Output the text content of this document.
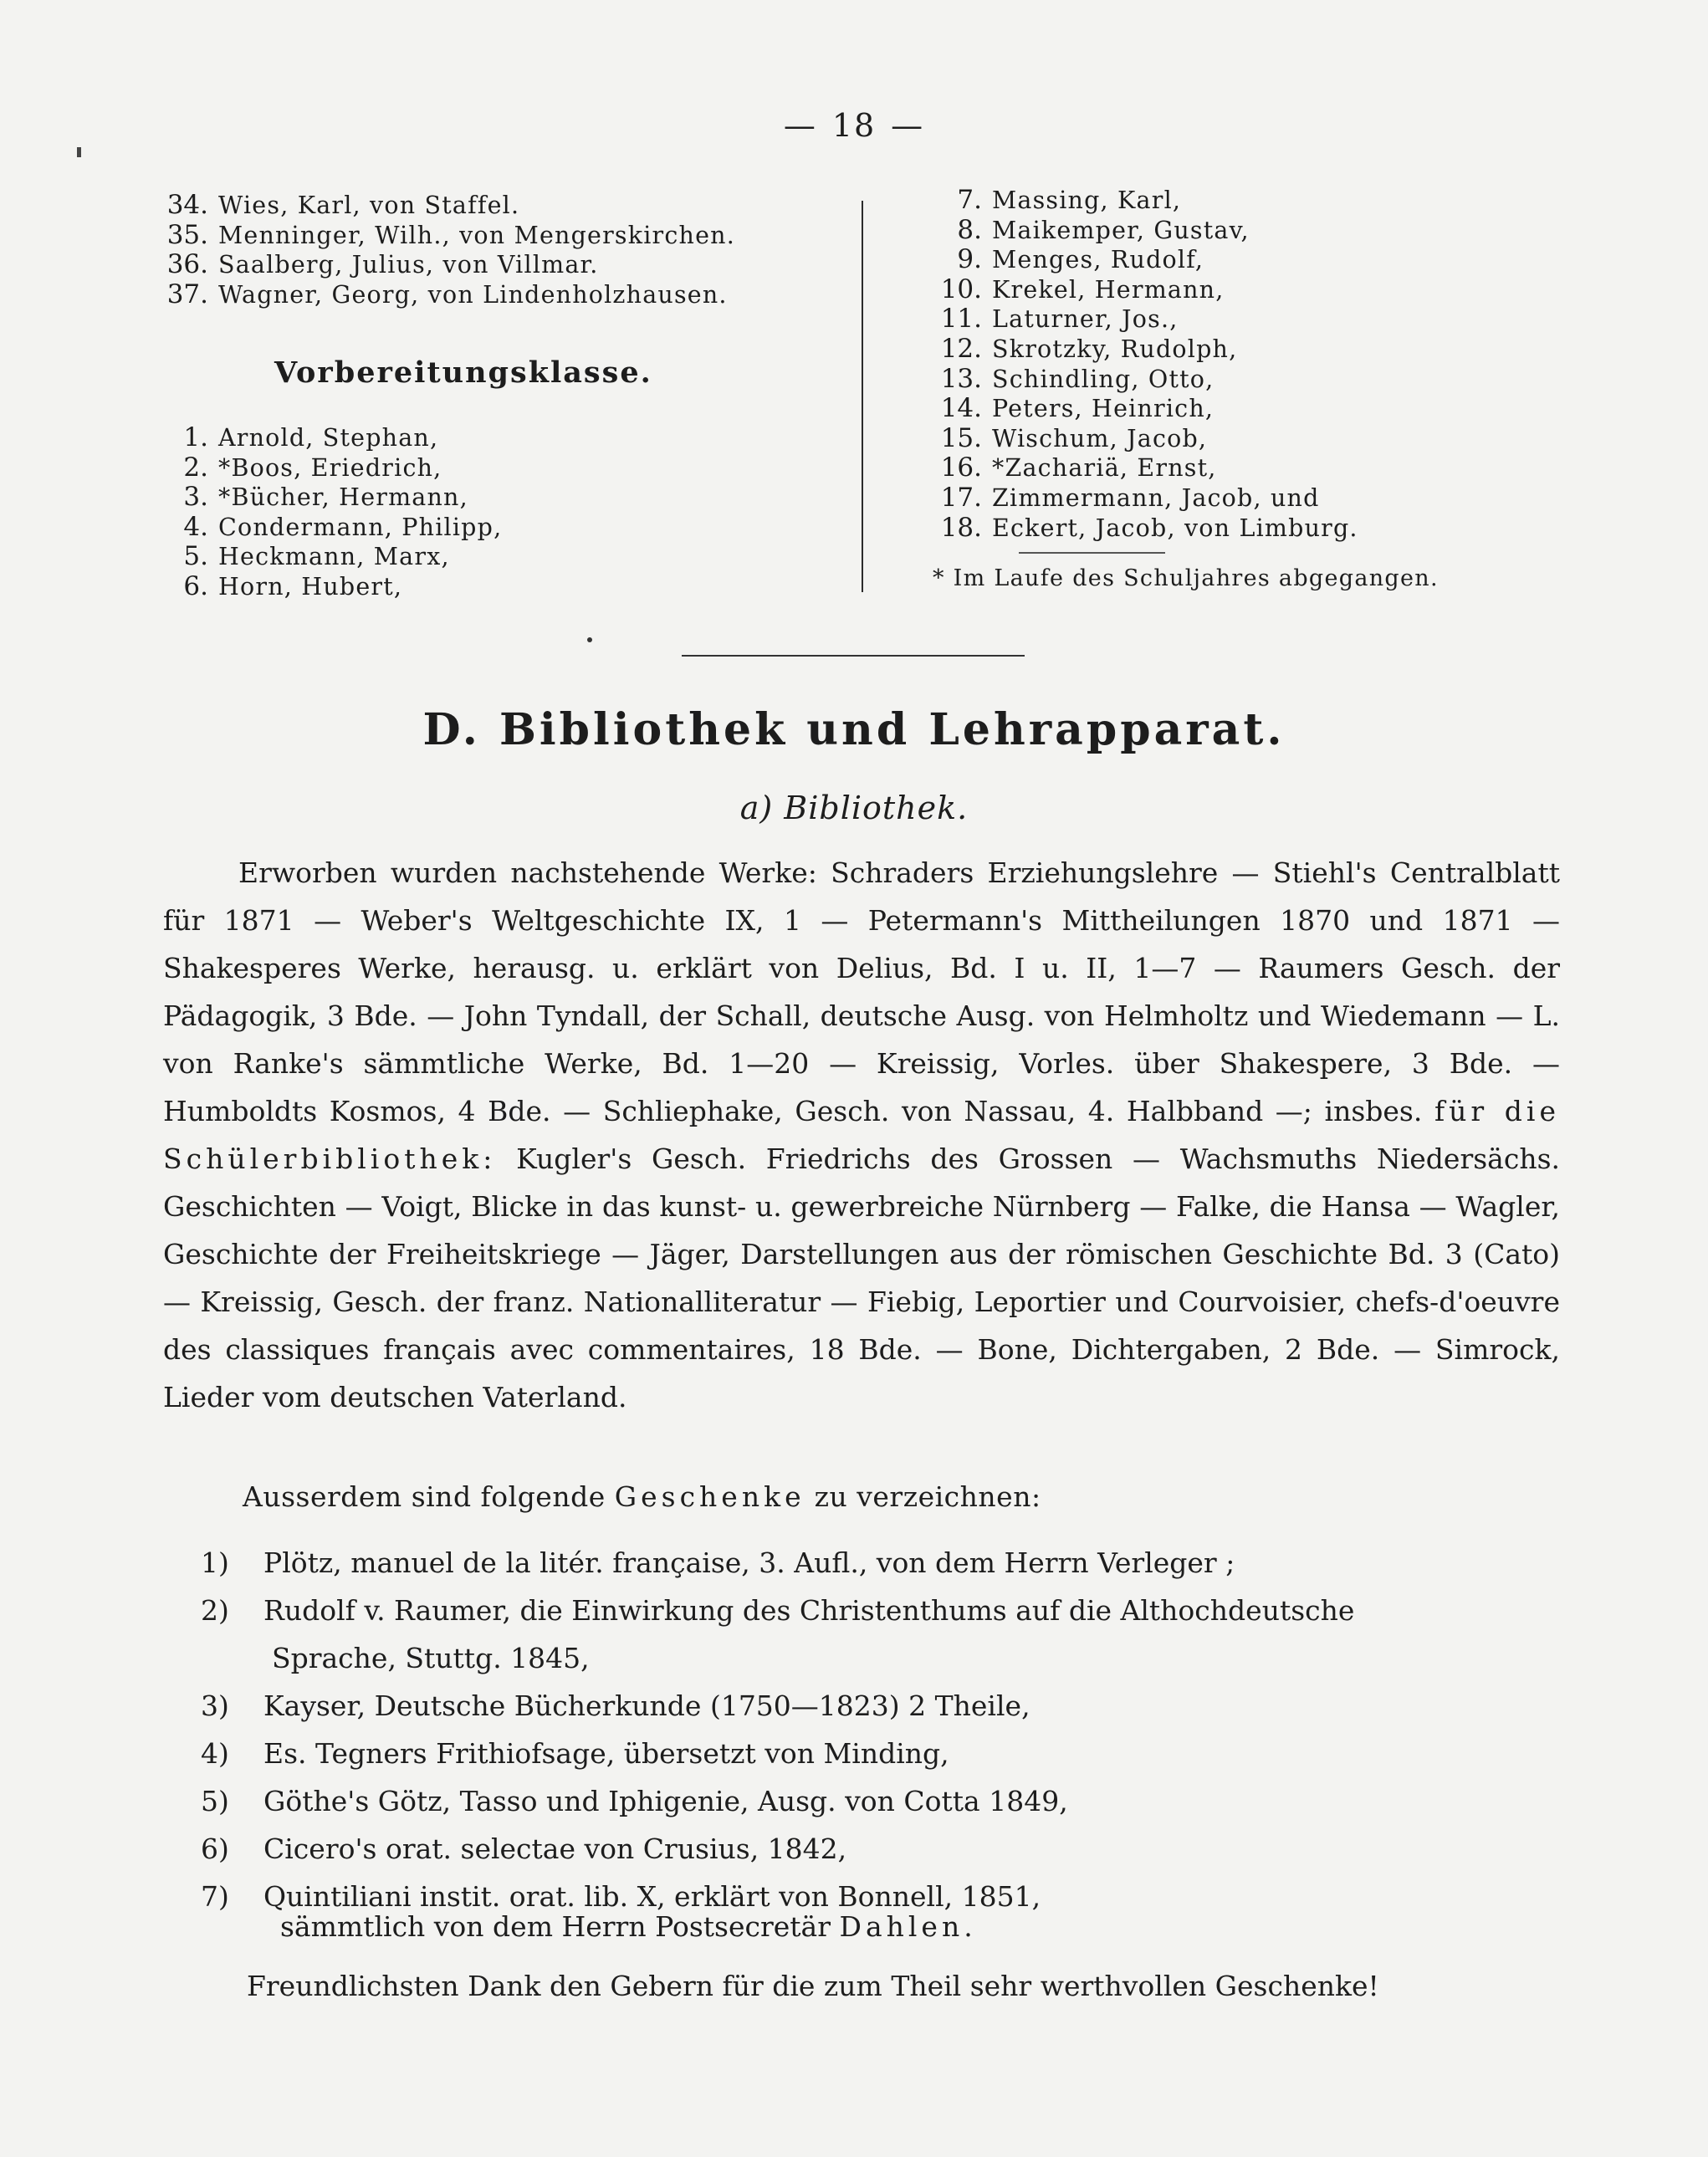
— 18 —
34. Wies, Karl, von Staffel.
35. Menninger, Wilh., von Mengerskirchen.
36. Saalberg, Julius, von Villmar.
37. Wagner, Georg, von Lindenholzhausen.
1. Arnold, Stephan,
2. *Boos, Eriedrich,
3. *Bücher, Hermann,
4. Condermann, Philipp,
5. Heckmann, Marx,
6. Horn, Hubert,
Vorbereitungsklasse.
7. Massing, Karl,
8. Maikemper, Gustav,
9. Menges, Rudolf,
10. Krekel, Hermann,
11. Laturner, Jos.,
12. Skrotzky, Rudolph,
13. Schindling, Otto,
14. Peters, Heinrich,
15. Wischum, Jacob,
16. *Zachariä, Ernst,
17. Zimmermann, Jacob, und
18. Eckert, Jacob, von Limburg.
* Im Laufe des Schuljahres abgegangen.
D. Bibliothek und Lehrapparat.
a) Bibliothek.

Erworben wurden nachstehende Werke: Schraders Erziehungslehre — Stiehl's Centralblatt für 1871 — Weber's Weltgeschichte IX, 1 — Petermann's Mittheilungen 1870 und 1871 — Shakesperes Werke, herausg. u. erklärt von Delius, Bd. I u. II, 1—7 — Raumers Gesch. der Pädagogik, 3 Bde. — John Tyndall, der Schall, deutsche Ausg. von Helmholtz und Wiedemann — L. von Ranke's sämmtliche Werke, Bd. 1—20 — Kreissig, Vorles. über Shakespere, 3 Bde. — Humboldts Kosmos, 4 Bde. — Schliephake, Gesch. von Nassau, 4. Halbband —; insbes. für die Schülerbibliothek: Kugler's Gesch. Friedrichs des Grossen — Wachsmuths Niedersächs. Geschichten — Voigt, Blicke in das kunst- u. gewerbreiche Nürnberg — Falke, die Hansa — Wagler, Geschichte der Freiheitskriege — Jäger, Darstellungen aus der römischen Geschichte Bd. 3 (Cato) — Kreissig, Gesch. der franz. Nationalliteratur — Fiebig, Leportier und Courvoisier, chefs-d'oeuvre des classiques français avec commentaires, 18 Bde. — Bone, Dichtergaben, 2 Bde. — Simrock, Lieder vom deutschen Vaterland.

Ausserdem sind folgende Geschenke zu verzeichnen:
1)	Plötz, manuel de la litér. française, 3. Aufl., von dem Herrn Verleger ;
2)	Rudolf v. Raumer, die Einwirkung des Christenthums auf die Althochdeutsche
Sprache, Stuttg. 1845,
3)	Kayser, Deutsche Bücherkunde (1750—1823) 2 Theile,
4)	Es. Tegners Frithiofsage, übersetzt von Minding,
5)	Göthe's Götz, Tasso und Iphigenie, Ausg. von Cotta 1849,
6)	Cicero's orat. selectae von Crusius, 1842,
7)	Quintiliani instit. orat. lib. X, erklärt von Bonnell, 1851,
sämmtlich von dem Herrn Postsecretär Dahlen.
Freundlichsten Dank den Gebern für die zum Theil sehr werthvollen Geschenke!
